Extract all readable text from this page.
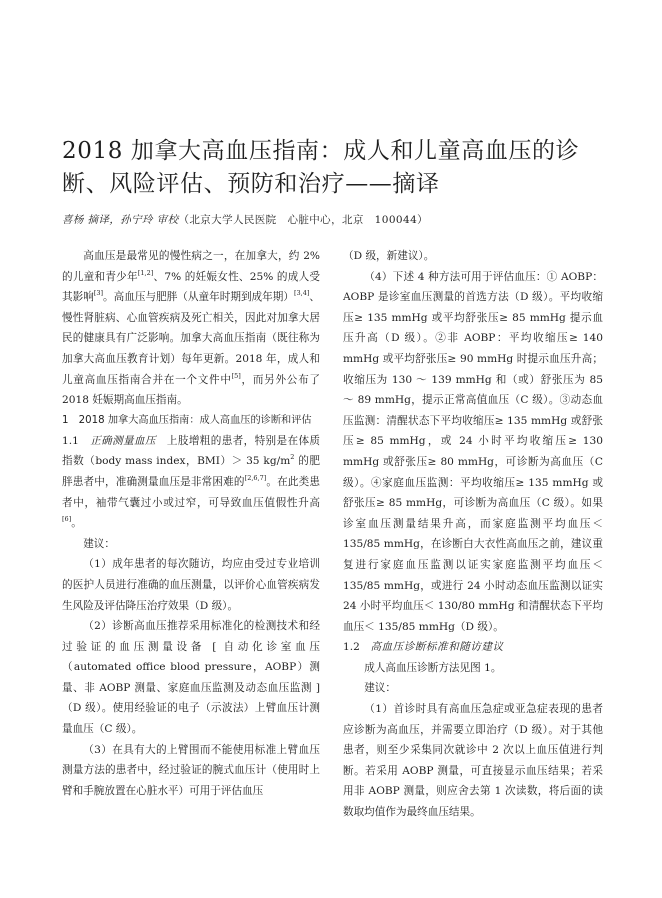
2018 加拿大高血压指南：成人和儿童高血压的诊断、风险评估、预防和治疗——摘译
喜杨 摘译，孙宁玲 审校（北京大学人民医院　心脏中心，北京　100044）

高血压是最常见的慢性病之一，在加拿大，约 2% 的儿童和青少年[1,2]、7% 的妊娠女性、25% 的成人受其影响[3]。高血压与肥胖（从童年时期到成年期）[3,4]、慢性肾脏病、心血管疾病及死亡相关，因此对加拿大居民的健康具有广泛影响。加拿大高血压指南（既往称为加拿大高血压教育计划）每年更新。2018 年，成人和儿童高血压指南合并在一个文件中[5]，而另外公布了 2018 妊娠期高血压指南。

1　2018 加拿大高血压指南：成人高血压的诊断和评估

1.1　正确测量血压　上肢增粗的患者，特别是在体质指数（body mass index，BMI）＞ 35 $kg/m^2$ 的肥胖患者中，准确测量血压是非常困难的[2,6,7]。在此类患者中，袖带气囊过小或过窄，可导致血压值假性升高[6]。

建议：

（1）成年患者的每次随访，均应由受过专业培训的医护人员进行准确的血压测量，以评价心血管疾病发生风险及评估降压治疗效果（D 级）。

（2）诊断高血压推荐采用标准化的检测技术和经过验证的血压测量设备 [ 自动化诊室血压（automated office blood pressure，AOBP）测量、非 AOBP 测量、家庭血压监测及动态血压监测 ]（D 级）。使用经验证的电子（示波法）上臂血压计测量血压（C 级）。

（3）在具有大的上臂围而不能使用标准上臂血压测量方法的患者中，经过验证的腕式血压计（使用时上臂和手腕放置在心脏水平）可用于评估血压

（D 级，新建议）。

（4）下述 4 种方法可用于评估血压：① AOBP：AOBP 是诊室血压测量的首选方法（D 级）。平均收缩压≥ 135 mmHg 或平均舒张压≥ 85 mmHg 提示血压升高（D 级）。②非 AOBP：平均收缩压≥ 140 mmHg 或平均舒张压≥ 90 mmHg 时提示血压升高；收缩压为 130 ～ 139 mmHg 和（或）舒张压为 85 ～ 89 mmHg，提示正常高值血压（C 级）。③动态血压监测：清醒状态下平均收缩压≥ 135 mmHg 或舒张压≥ 85 mmHg，或 24 小时平均收缩压≥ 130 mmHg 或舒张压≥ 80 mmHg，可诊断为高血压（C 级）。④家庭血压监测：平均收缩压≥ 135 mmHg 或舒张压≥ 85 mmHg，可诊断为高血压（C 级）。如果诊室血压测量结果升高，而家庭监测平均血压＜ 135/85 mmHg，在诊断白大衣性高血压之前，建议重复进行家庭血压监测以证实家庭监测平均血压＜ 135/85 mmHg，或进行 24 小时动态血压监测以证实 24 小时平均血压＜ 130/80 mmHg 和清醒状态下平均血压＜ 135/85 mmHg（D 级）。

1.2　高血压诊断标准和随访建议

成人高血压诊断方法见图 1。

建议：

（1）首诊时具有高血压急症或亚急症表现的患者应诊断为高血压，并需要立即治疗（D 级）。对于其他患者，则至少采集同次就诊中 2 次以上血压值进行判断。若采用 AOBP 测量，可直接显示血压结果；若采用非 AOBP 测量，则应舍去第 1 次读数，将后面的读数取均值作为最终血压结果。
